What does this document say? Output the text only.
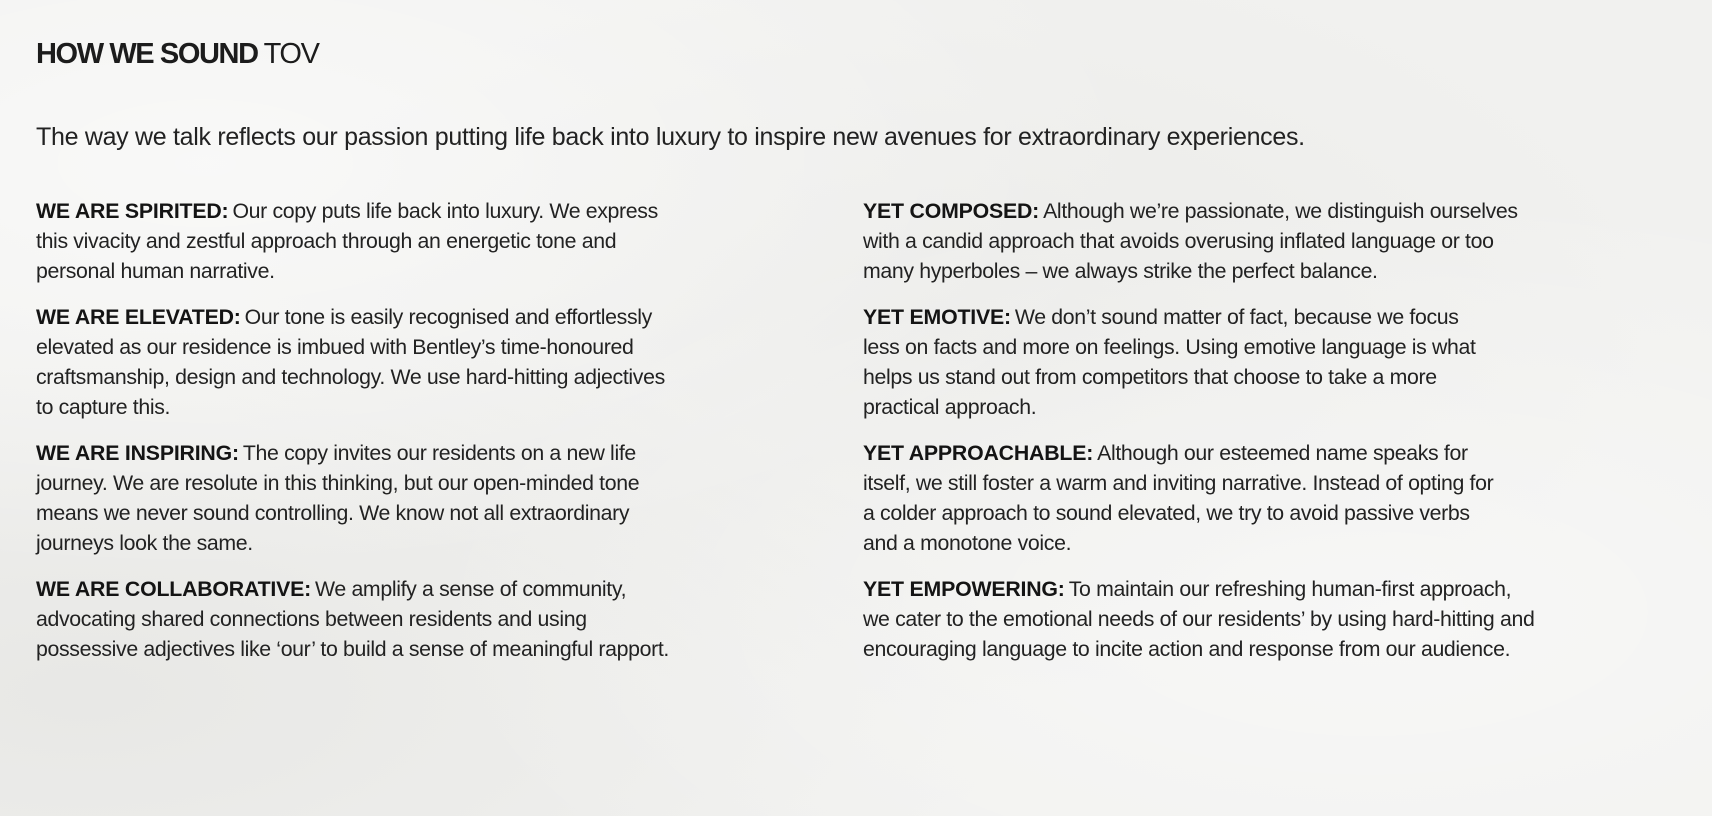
HOW WE SOUND TOV
The way we talk reflects our passion putting life back into luxury to inspire new avenues for extraordinary experiences.

WE ARE SPIRITED: Our copy puts life back into luxury. We express
this vivacity and zestful approach through an energetic tone and
personal human narrative.

WE ARE ELEVATED: Our tone is easily recognised and effortlessly
elevated as our residence is imbued with Bentley’s time-honoured
craftsmanship, design and technology. We use hard-hitting adjectives
to capture this.

WE ARE INSPIRING: The copy invites our residents on a new life
journey. We are resolute in this thinking, but our open-minded tone
means we never sound controlling. We know not all extraordinary
journeys look the same.

WE ARE COLLABORATIVE: We amplify a sense of community,
advocating shared connections between residents and using
possessive adjectives like ‘our’ to build a sense of meaningful rapport.

YET COMPOSED: Although we’re passionate, we distinguish ourselves
with a candid approach that avoids overusing inflated language or too
many hyperboles – we always strike the perfect balance.

YET EMOTIVE: We don’t sound matter of fact, because we focus
less on facts and more on feelings. Using emotive language is what
helps us stand out from competitors that choose to take a more
practical approach.

YET APPROACHABLE: Although our esteemed name speaks for
itself, we still foster a warm and inviting narrative. Instead of opting for
a colder approach to sound elevated, we try to avoid passive verbs
and a monotone voice.

YET EMPOWERING: To maintain our refreshing human-first approach,
we cater to the emotional needs of our residents’ by using hard-hitting and
encouraging language to incite action and response from our audience.
